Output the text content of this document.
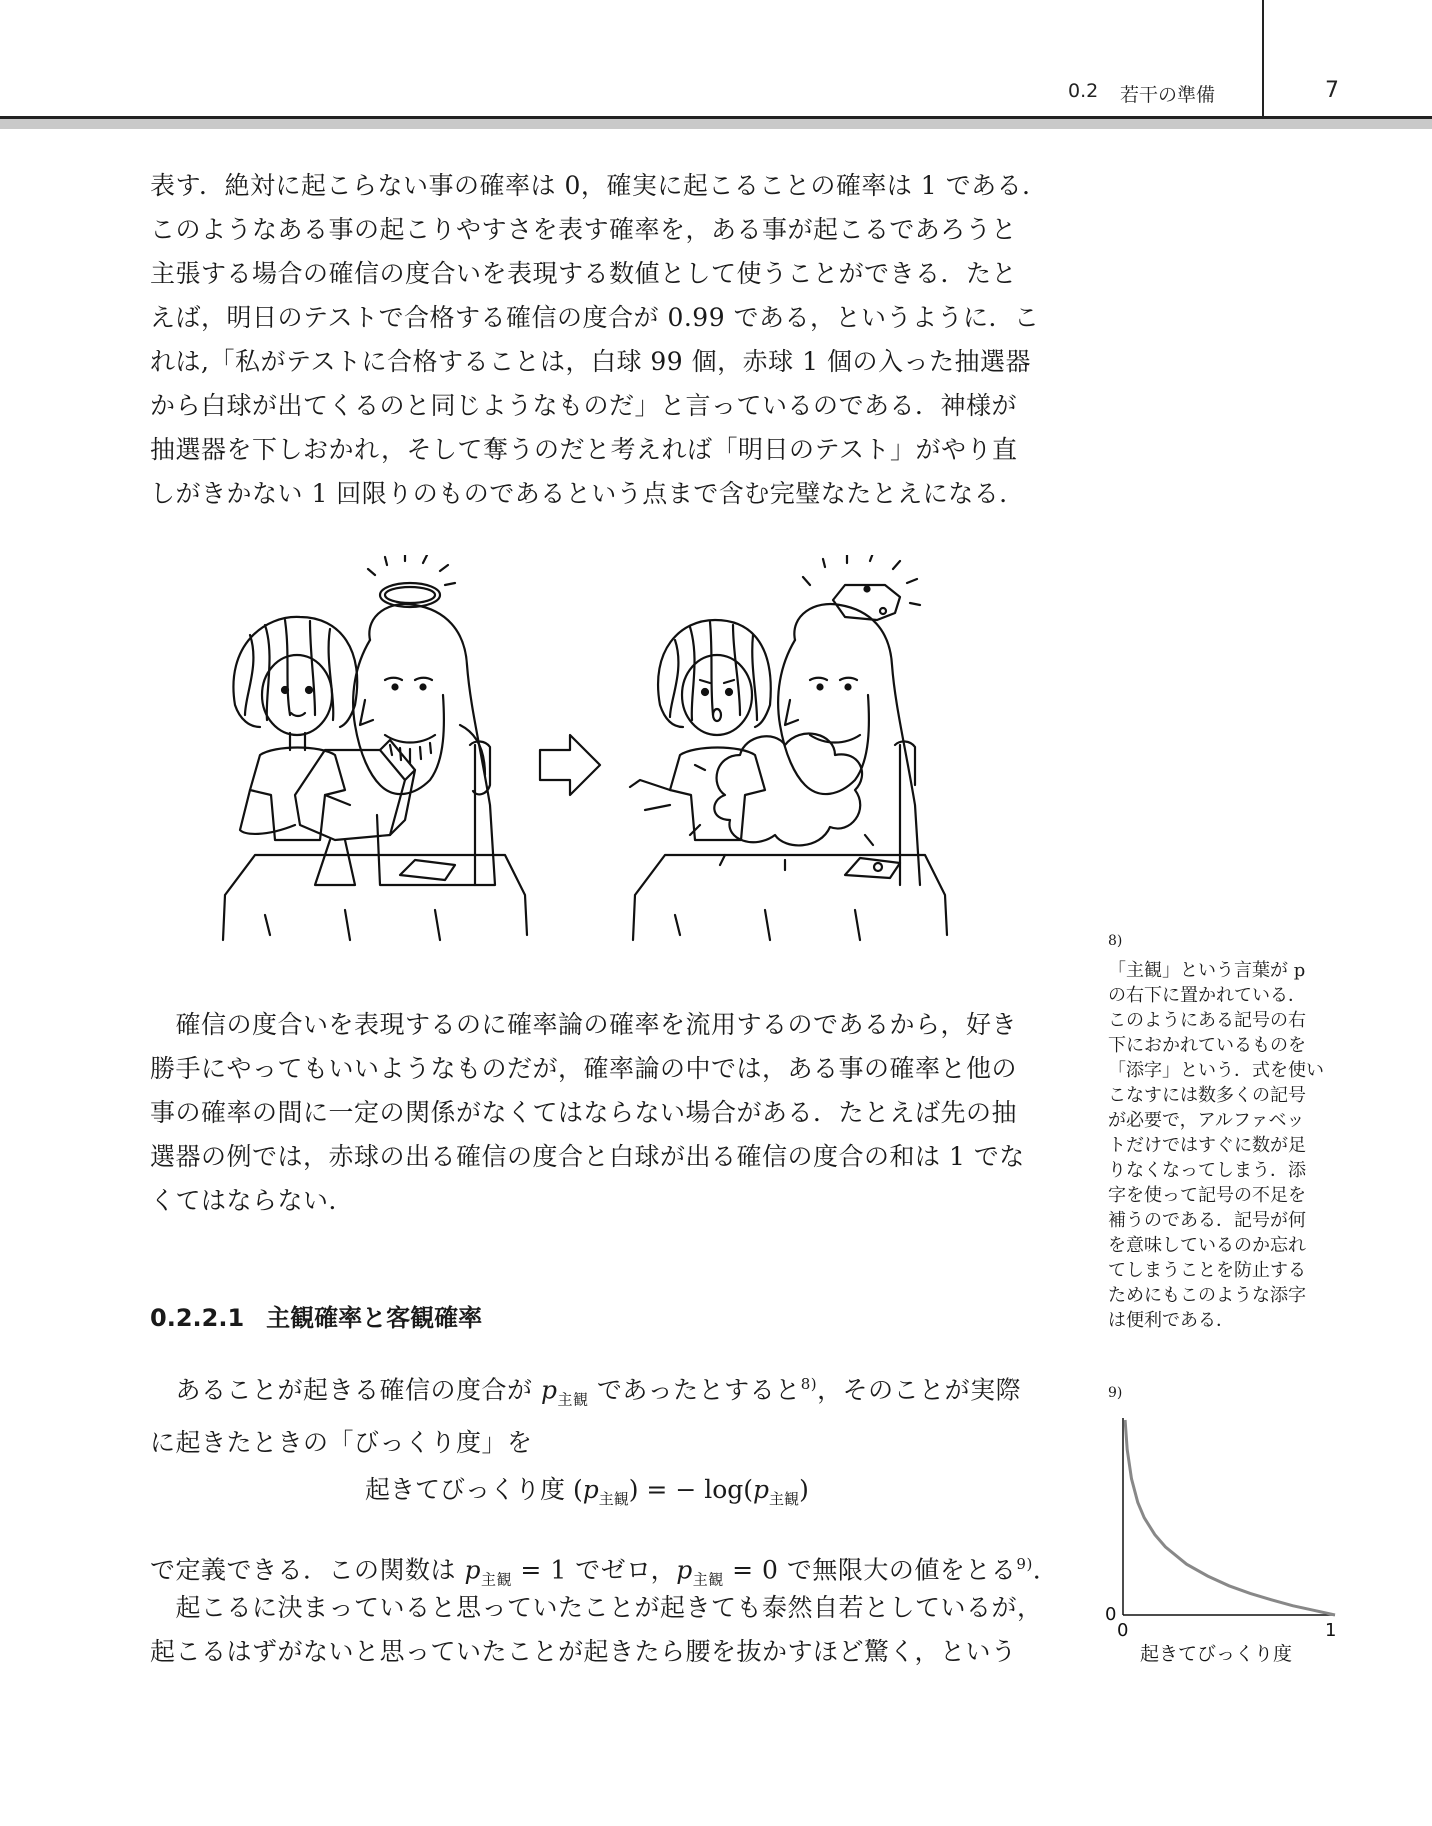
0.2 若干の準備	7

表す．絶対に起こらない事の確率は 0，確実に起こることの確率は 1 である．
このようなある事の起こりやすさを表す確率を，ある事が起こるであろうと
主張する場合の確信の度合いを表現する数値として使うことができる．たと
えば，明日のテストで合格する確信の度合が 0.99 である，というように．こ
れは,「私がテストに合格することは，白球 99 個，赤球 1 個の入った抽選器
から白球が出てくるのと同じようなものだ」と言っているのである．神様が
抽選器を下しおかれ，そして奪うのだと考えれば「明日のテスト」がやり直
しがきかない 1 回限りのものであるという点まで含む完璧なたとえになる．

　確信の度合いを表現するのに確率論の確率を流用するのであるから，好き
勝手にやってもいいようなものだが，確率論の中では，ある事の確率と他の
事の確率の間に一定の関係がなくてはならない場合がある．たとえば先の抽
選器の例では，赤球の出る確信の度合と白球が出る確信の度合の和は 1 でな
くてはならない．

0.2.2.1 主観確率と客観確率

　あることが起きる確信の度合が $p_{主観}$ であったとすると$^{8)}$，そのことが実際
に起きたときの「びっくり度」を

起きてびっくり度 $(p_{主観})$ = − $\log(p_{主観})$

で定義できる．この関数は $p_{主観} = 1$ でゼロ，$p_{主観} = 0$ で無限大の値をとる$^{9)}$．

　起こるに決まっていると思っていたことが起きても泰然自若としているが，
起こるはずがないと思っていたことが起きたら腰を抜かすほど驚く，という

8)

「主観」という言葉が p
の右下に置かれている．
このようにある記号の右
下におかれているものを
「添字」という．式を使い
こなすには数多くの記号
が必要で，アルファベッ
トだけではすぐに数が足
りなくなってしまう．添
字を使って記号の不足を
補うのである．記号が何
を意味しているのか忘れ
てしまうことを防止する
ためにもこのような添字
は便利である．

9)
0
0	1
起きてびっくり度
